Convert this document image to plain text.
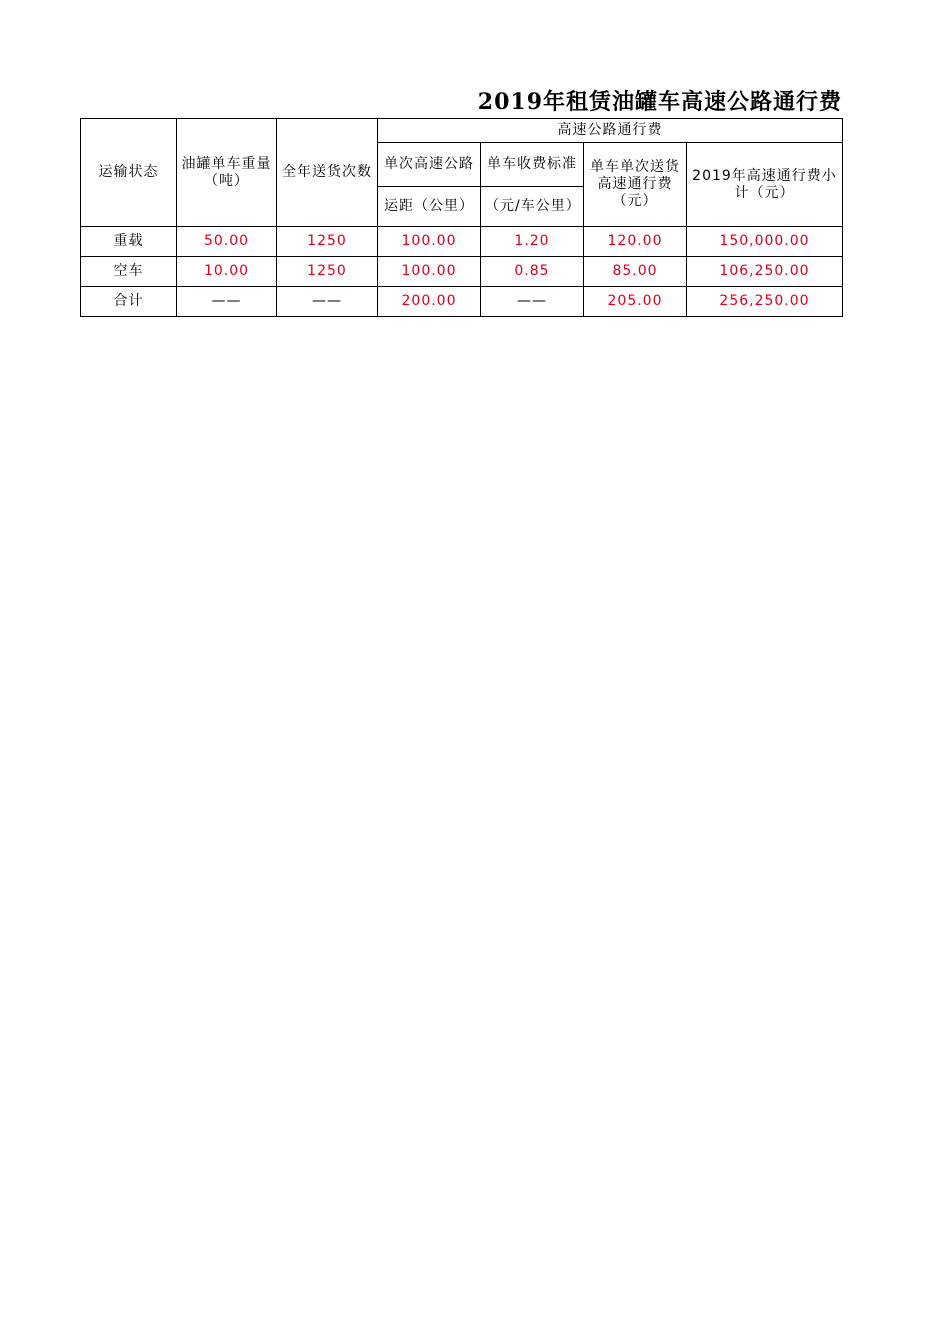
2019年租赁油罐车高速公路通行费
运输状态	油罐单车重量（吨）	全年送货次数	高速公路通行费			
			单次高速公路	单车收费标准	单车单次送货高速通行费（元）	2019年高速通行费小计（元）
			运距（公里）	（元/车公里）		
重载	50.00	1250	100.00	1.20	120.00	150,000.00
空车	10.00	1250	100.00	0.85	85.00	106,250.00
合计	——	——	200.00	——	205.00	256,250.00
